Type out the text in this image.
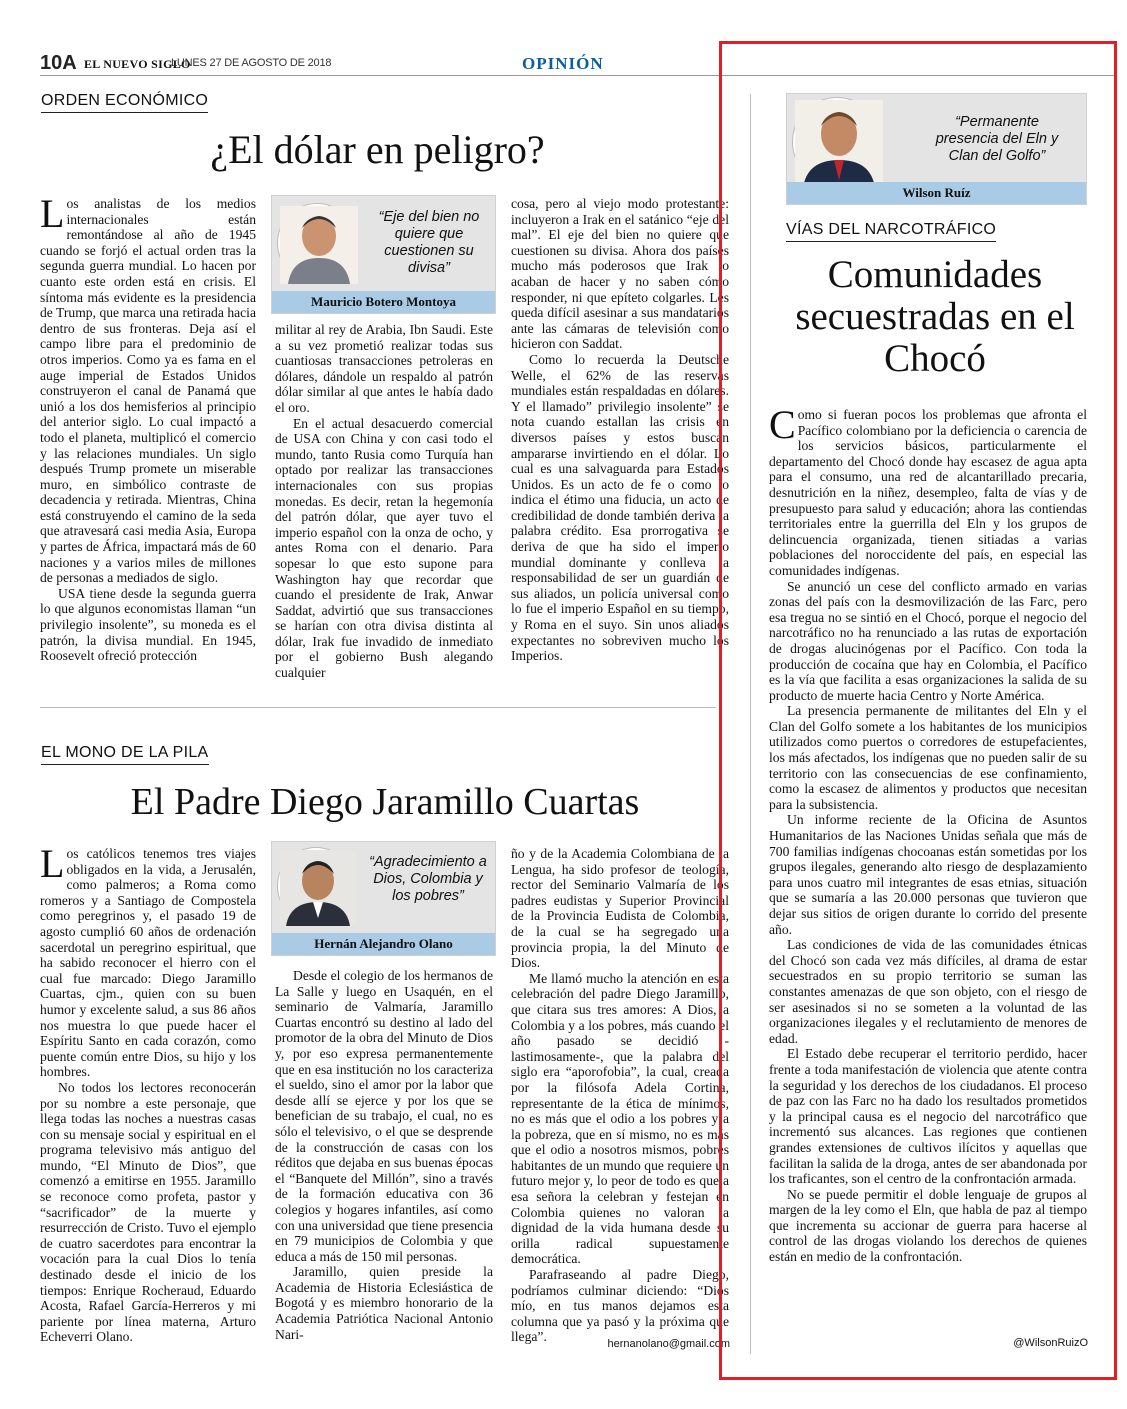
10A EL NUEVO SIGLO
LUNES 27 DE AGOSTO DE 2018	OPINIÓN
ORDEN ECONÓMICO
¿El dólar en peligro?

Los analistas de los medios internacionales están remontándose al año de 1945 cuando se forjó el actual orden tras la segunda guerra mundial. Lo hacen por cuanto este orden está en crisis. El síntoma más evidente es la presidencia de Trump, que marca una retirada hacia dentro de sus fronteras. Deja así el campo libre para el predominio de otros imperios. Como ya es fama en el auge imperial de Estados Unidos construyeron el canal de Panamá que unió a los dos hemisferios al principio del anterior siglo. Lo cual impactó a todo el planeta, multiplicó el comercio y las relaciones mundiales. Un siglo después Trump promete un miserable muro, en simbólico contraste de decadencia y retirada. Mientras, China está construyendo el camino de la seda que atravesará casi media Asia, Europa y partes de África, impactará más de 60 naciones y a varios miles de millones de personas a mediados de siglo.

USA tiene desde la segunda guerra lo que algunos economistas llaman “un privilegio insolente”, su moneda es el patrón, la divisa mundial. En 1945, Roosevelt ofreció protección

“Eje del bien no quiere que cuestionen su divisa”
Mauricio Botero Montoya

militar al rey de Arabia, Ibn Saudi. Este a su vez prometió realizar todas sus cuantiosas transacciones petroleras en dólares, dándole un respaldo al patrón dólar similar al que antes le había dado el oro.

En el actual desacuerdo comercial de USA con China y con casi todo el mundo, tanto Rusia como Turquía han optado por realizar las transacciones internacionales con sus propias monedas. Es decir, retan la hegemonía del patrón dólar, que ayer tuvo el imperio español con la onza de ocho, y antes Roma con el denario. Para sopesar lo que esto supone para Washington hay que recordar que cuando el presidente de Irak, Anwar Saddat, advirtió que sus transacciones se harían con otra divisa distinta al dólar, Irak fue invadido de inmediato por el gobierno Bush alegando cualquier

cosa, pero al viejo modo protestante: incluyeron a Irak en el satánico “eje del mal”. El eje del bien no quiere que cuestionen su divisa. Ahora dos países mucho más poderosos que Irak lo acaban de hacer y no saben cómo responder, ni que epíteto colgarles. Les queda difícil asesinar a sus mandatarios ante las cámaras de televisión como hicieron con Saddat.

Como lo recuerda la Deutsche Welle, el 62% de las reservas mundiales están respaldadas en dólares. Y el llamado” privilegio insolente” se nota cuando estallan las crisis en diversos países y estos buscan ampararse invirtiendo en el dólar. Lo cual es una salvaguarda para Estados Unidos. Es un acto de fe o como lo indica el étimo una fiducia, un acto de credibilidad de donde también deriva la palabra crédito. Esa prorrogativa se deriva de que ha sido el imperio mundial dominante y conlleva la responsabilidad de ser un guardián de sus aliados, un policía universal como lo fue el imperio Español en su tiempo, y Roma en el suyo. Sin unos aliados expectantes no sobreviven mucho los Imperios.

EL MONO DE LA PILA
El Padre Diego Jaramillo Cuartas

Los católicos tenemos tres viajes obligados en la vida, a Jerusalén, como palmeros; a Roma como romeros y a Santiago de Compostela como peregrinos y, el pasado 19 de agosto cumplió 60 años de ordenación sacerdotal un peregrino espiritual, que ha sabido reconocer el hierro con el cual fue marcado: Diego Jaramillo Cuartas, cjm., quien con su buen humor y excelente salud, a sus 86 años nos muestra lo que puede hacer el Espíritu Santo en cada corazón, como puente común entre Dios, su hijo y los hombres.

No todos los lectores reconocerán por su nombre a este personaje, que llega todas las noches a nuestras casas con su mensaje social y espiritual en el programa televisivo más antiguo del mundo, “El Minuto de Dios”, que comenzó a emitirse en 1955. Jaramillo se reconoce como profeta, pastor y “sacrificador” de la muerte y resurrección de Cristo. Tuvo el ejemplo de cuatro sacerdotes para encontrar la vocación para la cual Dios lo tenía destinado desde el inicio de los tiempos: Enrique Rocheraud, Eduardo Acosta, Rafael García-Herreros y mi pariente por línea materna, Arturo Echeverri Olano.

“Agradecimiento a Dios, Colombia y los pobres”
Hernán Alejandro Olano

Desde el colegio de los hermanos de La Salle y luego en Usaquén, en el seminario de Valmaría, Jaramillo Cuartas encontró su destino al lado del promotor de la obra del Minuto de Dios y, por eso expresa permanentemente que en esa institución no los caracteriza el sueldo, sino el amor por la labor que desde allí se ejerce y por los que se benefician de su trabajo, el cual, no es sólo el televisivo, o el que se desprende de la construcción de casas con los réditos que dejaba en sus buenas épocas el “Banquete del Millón”, sino a través de la formación educativa con 36 colegios y hogares infantiles, así como con una universidad que tiene presencia en 79 municipios de Colombia y que educa a más de 150 mil personas.

Jaramillo, quien preside la Academia de Historia Eclesiástica de Bogotá y es miembro honorario de la Academia Patriótica Nacional Antonio Nari-

ño y de la Academia Colombiana de la Lengua, ha sido profesor de teología, rector del Seminario Valmaría de los padres eudistas y Superior Provincial de la Provincia Eudista de Colombia, de la cual se ha segregado una provincia propia, la del Minuto de Dios.

Me llamó mucho la atención en esta celebración del padre Diego Jaramillo, que citara sus tres amores: A Dios, a Colombia y a los pobres, más cuando el año pasado se decidió -lastimosamente-, que la palabra del siglo era “aporofobia”, la cual, creada por la filósofa Adela Cortina, representante de la ética de mínimos, no es más que el odio a los pobres y a la pobreza, que en sí mismo, no es más que el odio a nosotros mismos, pobres habitantes de un mundo que requiere un futuro mejor y, lo peor de todo es que a esa señora la celebran y festejan en Colombia quienes no valoran la dignidad de la vida humana desde su orilla radical supuestamente democrática.

Parafraseando al padre Diego, podríamos culminar diciendo: “Dios mío, en tus manos dejamos esta columna que ya pasó y la próxima que llega”.	hernanolano@gmail.com
“Permanente presencia del Eln y Clan del Golfo”
Wilson Ruíz
VÍAS DEL NARCOTRÁFICO
Comunidades secuestradas en el Chocó

Como si fueran pocos los problemas que afronta el Pacífico colombiano por la deficiencia o carencia de los servicios básicos, particularmente el departamento del Chocó donde hay escasez de agua apta para el consumo, una red de alcantarillado precaria, desnutrición en la niñez, desempleo, falta de vías y de presupuesto para salud y educación; ahora las contiendas territoriales entre la guerrilla del Eln y los grupos de delincuencia organizada, tienen sitiadas a varias poblaciones del noroccidente del país, en especial las comunidades indígenas.

Se anunció un cese del conflicto armado en varias zonas del país con la desmovilización de las Farc, pero esa tregua no se sintió en el Chocó, porque el negocio del narcotráfico no ha renunciado a las rutas de exportación de drogas alucinógenas por el Pacífico. Con toda la producción de cocaína que hay en Colombia, el Pacífico es la vía que facilita a esas organizaciones la salida de su producto de muerte hacia Centro y Norte América.

La presencia permanente de militantes del Eln y el Clan del Golfo somete a los habitantes de los municipios utilizados como puertos o corredores de estupefacientes, los más afectados, los indígenas que no pueden salir de su territorio con las consecuencias de ese confinamiento, como la escasez de alimentos y productos que necesitan para la subsistencia.

Un informe reciente de la Oficina de Asuntos Humanitarios de las Naciones Unidas señala que más de 700 familias indígenas chocoanas están sometidas por los grupos ilegales, generando alto riesgo de desplazamiento para unos cuatro mil integrantes de esas etnias, situación que se sumaría a las 20.000 personas que tuvieron que dejar sus sitios de origen durante lo corrido del presente año.

Las condiciones de vida de las comunidades étnicas del Chocó son cada vez más difíciles, al drama de estar secuestrados en su propio territorio se suman las constantes amenazas de que son objeto, con el riesgo de ser asesinados si no se someten a la voluntad de las organizaciones ilegales y el reclutamiento de menores de edad.

El Estado debe recuperar el territorio perdido, hacer frente a toda manifestación de violencia que atente contra la seguridad y los derechos de los ciudadanos. El proceso de paz con las Farc no ha dado los resultados prometidos y la principal causa es el negocio del narcotráfico que incrementó sus alcances. Las regiones que contienen grandes extensiones de cultivos ilícitos y aquellas que facilitan la salida de la droga, antes de ser abandonada por los traficantes, son el centro de la confrontación armada.

No se puede permitir el doble lenguaje de grupos al margen de la ley como el Eln, que habla de paz al tiempo que incrementa su accionar de guerra para hacerse al control de las drogas violando los derechos de quienes están en medio de la confrontación.

@WilsonRuizO
